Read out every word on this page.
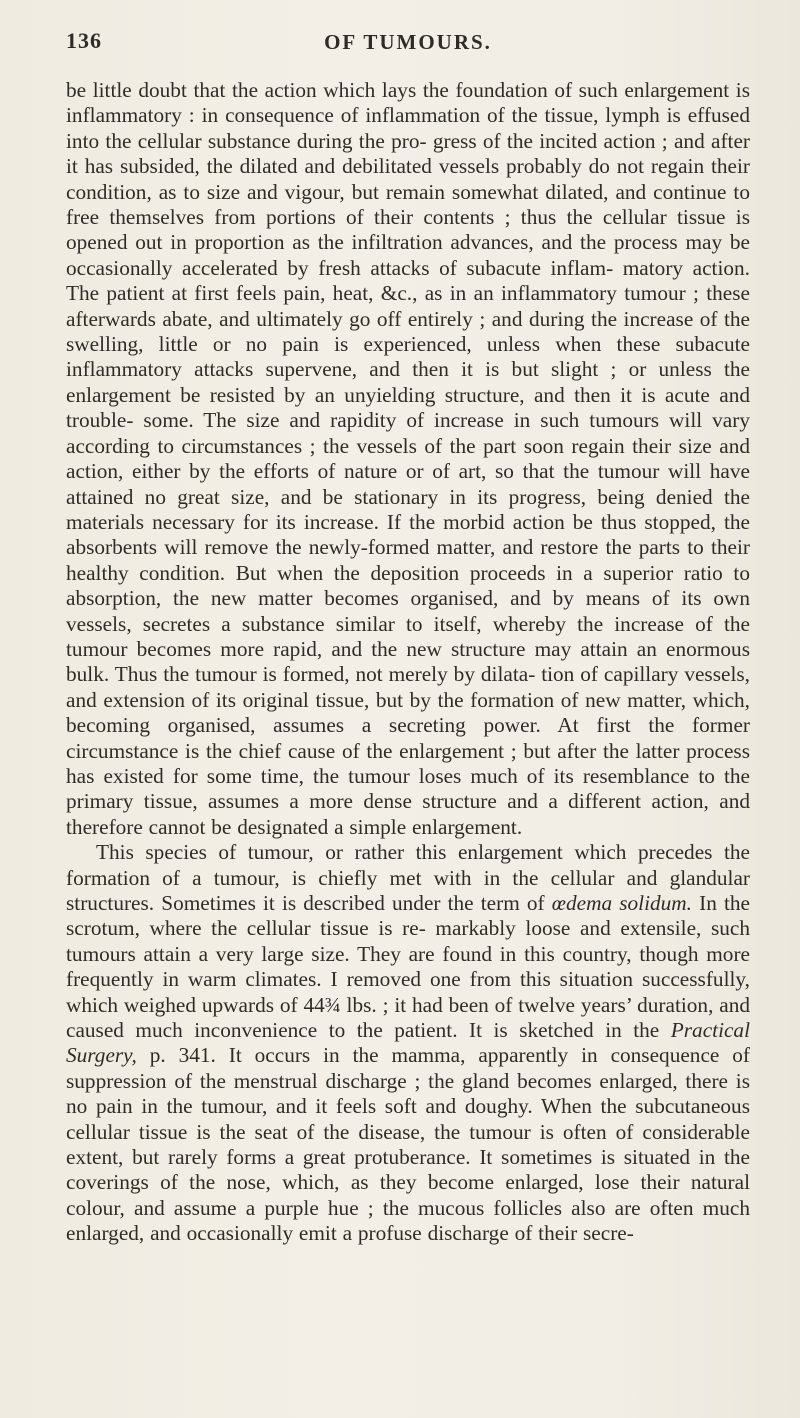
136	OF TUMOURS.

be little doubt that the action which lays the foundation of such enlargement is inflammatory : in consequence of inflammation of the tissue, lymph is effused into the cellular substance during the pro- gress of the incited action ; and after it has subsided, the dilated and debilitated vessels probably do not regain their condition, as to size and vigour, but remain somewhat dilated, and continue to free themselves from portions of their contents ; thus the cellular tissue is opened out in proportion as the infiltration advances, and the process may be occasionally accelerated by fresh attacks of subacute inflam- matory action. The patient at first feels pain, heat, &c., as in an inflammatory tumour ; these afterwards abate, and ultimately go off entirely ; and during the increase of the swelling, little or no pain is experienced, unless when these subacute inflammatory attacks supervene, and then it is but slight ; or unless the enlargement be resisted by an unyielding structure, and then it is acute and trouble- some. The size and rapidity of increase in such tumours will vary according to circumstances ; the vessels of the part soon regain their size and action, either by the efforts of nature or of art, so that the tumour will have attained no great size, and be stationary in its progress, being denied the materials necessary for its increase. If the morbid action be thus stopped, the absorbents will remove the newly-formed matter, and restore the parts to their healthy condition. But when the deposition proceeds in a superior ratio to absorption, the new matter becomes organised, and by means of its own vessels, secretes a substance similar to itself, whereby the increase of the tumour becomes more rapid, and the new structure may attain an enormous bulk. Thus the tumour is formed, not merely by dilata- tion of capillary vessels, and extension of its original tissue, but by the formation of new matter, which, becoming organised, assumes a secreting power. At first the former circumstance is the chief cause of the enlargement ; but after the latter process has existed for some time, the tumour loses much of its resemblance to the primary tissue, assumes a more dense structure and a different action, and therefore cannot be designated a simple enlargement.

This species of tumour, or rather this enlargement which precedes the formation of a tumour, is chiefly met with in the cellular and glandular structures. Sometimes it is described under the term of œdema solidum. In the scrotum, where the cellular tissue is re- markably loose and extensile, such tumours attain a very large size. They are found in this country, though more frequently in warm climates. I removed one from this situation successfully, which weighed upwards of 44¾ lbs. ; it had been of twelve years’ duration, and caused much inconvenience to the patient. It is sketched in the Practical Surgery, p. 341. It occurs in the mamma, apparently in consequence of suppression of the menstrual discharge ; the gland becomes enlarged, there is no pain in the tumour, and it feels soft and doughy. When the subcutaneous cellular tissue is the seat of the disease, the tumour is often of considerable extent, but rarely forms a great protuberance. It sometimes is situated in the coverings of the nose, which, as they become enlarged, lose their natural colour, and assume a purple hue ; the mucous follicles also are often much enlarged, and occasionally emit a profuse discharge of their secre-
